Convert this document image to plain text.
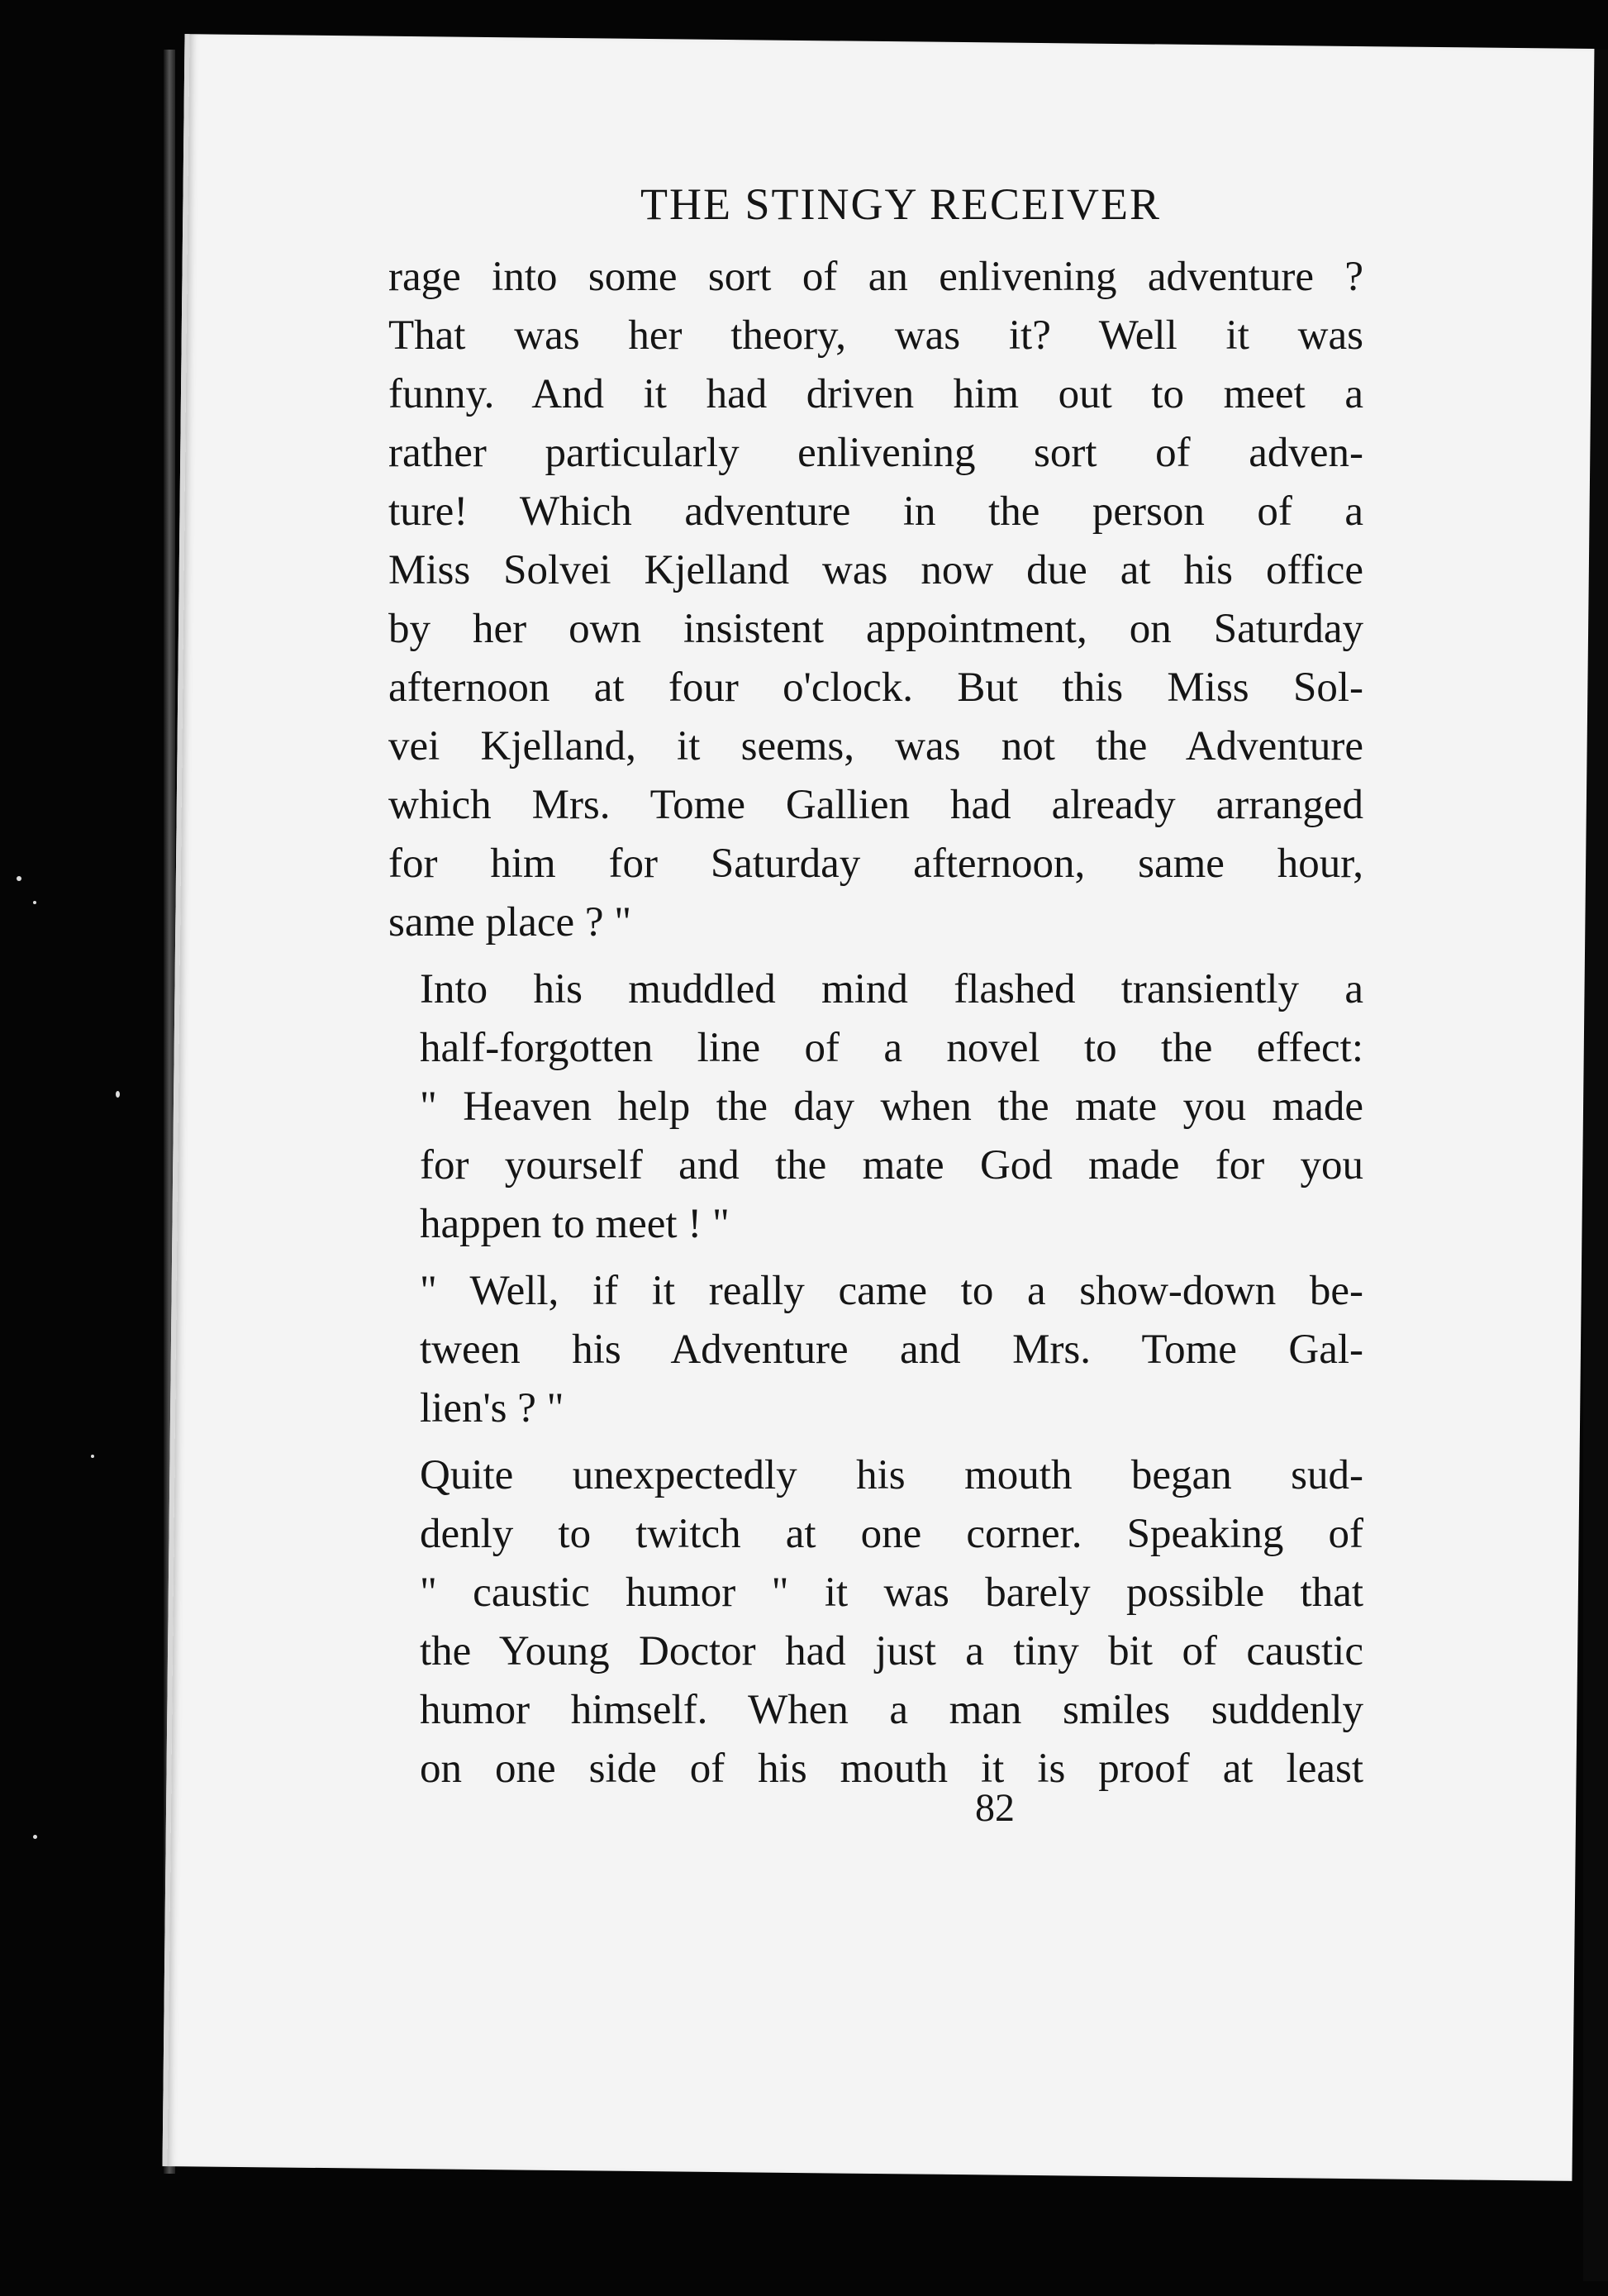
THE STINGY RECEIVER
rage into some sort of an enlivening adventure ?
That was her theory, was it? Well it was
funny. And it had driven him out to meet a
rather particularly enlivening sort of adven-
ture! Which adventure in the person of a
Miss Solvei Kjelland was now due at his office
by her own insistent appointment, on Saturday
afternoon at four o'clock. But this Miss Sol-
vei Kjelland, it seems, was not the Adventure
which Mrs. Tome Gallien had already arranged
for him for Saturday afternoon, same hour,
same place ? "
Into his muddled mind flashed transiently a
half-forgotten line of a novel to the effect:
" Heaven help the day when the mate you made
for yourself and the mate God made for you
happen to meet ! "
" Well, if it really came to a show-down be-
tween his Adventure and Mrs. Tome Gal-
lien's ? "
Quite unexpectedly his mouth began sud-
denly to twitch at one corner. Speaking of
" caustic humor " it was barely possible that
the Young Doctor had just a tiny bit of caustic
humor himself. When a man smiles suddenly
on one side of his mouth it is proof at least
82
